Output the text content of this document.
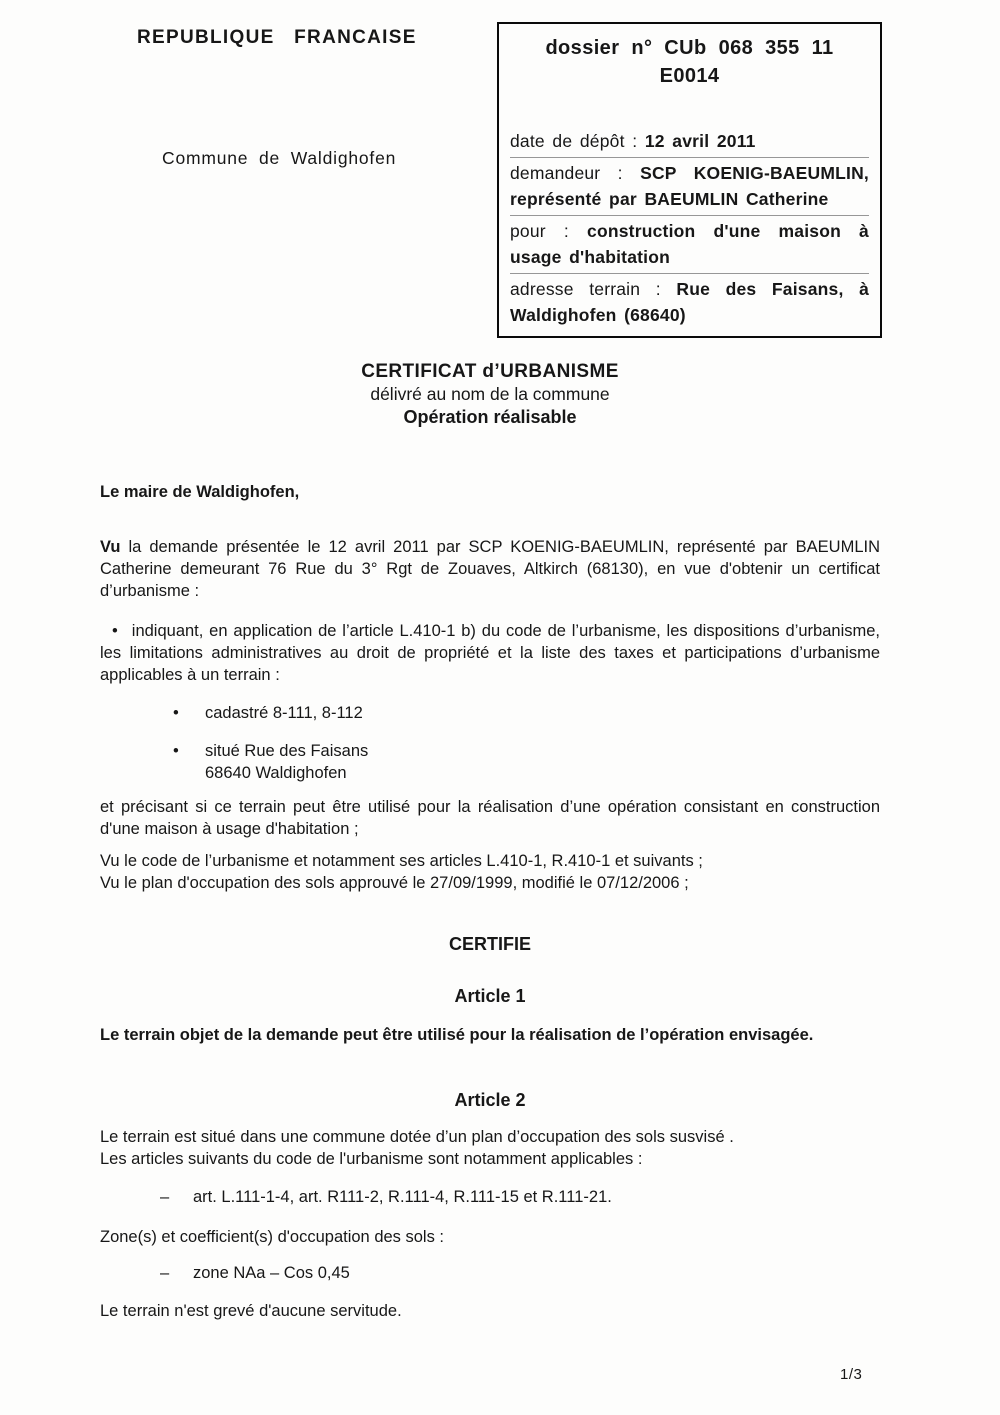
REPUBLIQUE FRANCAISE
Commune de Waldighofen
dossier n° CUb 068 355 11
E0014
date de dépôt : 12 avril 2011
demandeur : SCP KOENIG-BAEUMLIN, représenté par BAEUMLIN Catherine
pour : construction d'une maison à usage d'habitation
adresse terrain : Rue des Faisans, à Waldighofen (68640)
CERTIFICAT d’URBANISME
délivré au nom de la commune
Opération réalisable

Le maire de Waldighofen,

Vu la demande présentée le 12 avril 2011 par SCP KOENIG-BAEUMLIN, représenté par BAEUMLIN Catherine demeurant 76 Rue du 3° Rgt de Zouaves, Altkirch (68130), en vue d'obtenir un certificat d’urbanisme :

• indiquant, en application de l’article L.410-1 b) du code de l’urbanisme, les dispositions d’urbanisme, les limitations administratives au droit de propriété et la liste des taxes et participations d’urbanisme applicables à un terrain :

•	cadastré 8-111, 8-112
•	situé Rue des Faisans
68640 Waldighofen

et précisant si ce terrain peut être utilisé pour la réalisation d’une opération consistant en construction d'une maison à usage d'habitation ;

Vu le code de l’urbanisme et notamment ses articles L.410-1, R.410-1 et suivants ;
Vu le plan d'occupation des sols approuvé le 27/09/1999, modifié le 07/12/2006 ;
CERTIFIE
Article 1
Le terrain objet de la demande peut être utilisé pour la réalisation de l’opération envisagée.
Article 2
Le terrain est situé dans une commune dotée d’un plan d’occupation des sols susvisé .
Les articles suivants du code de l'urbanisme sont notamment applicables :
–	art. L.111-1-4, art. R111-2, R.111-4, R.111-15 et R.111-21.
Zone(s) et coefficient(s) d'occupation des sols :
–	zone NAa – Cos 0,45
Le terrain n'est grevé d'aucune servitude.
1/3
